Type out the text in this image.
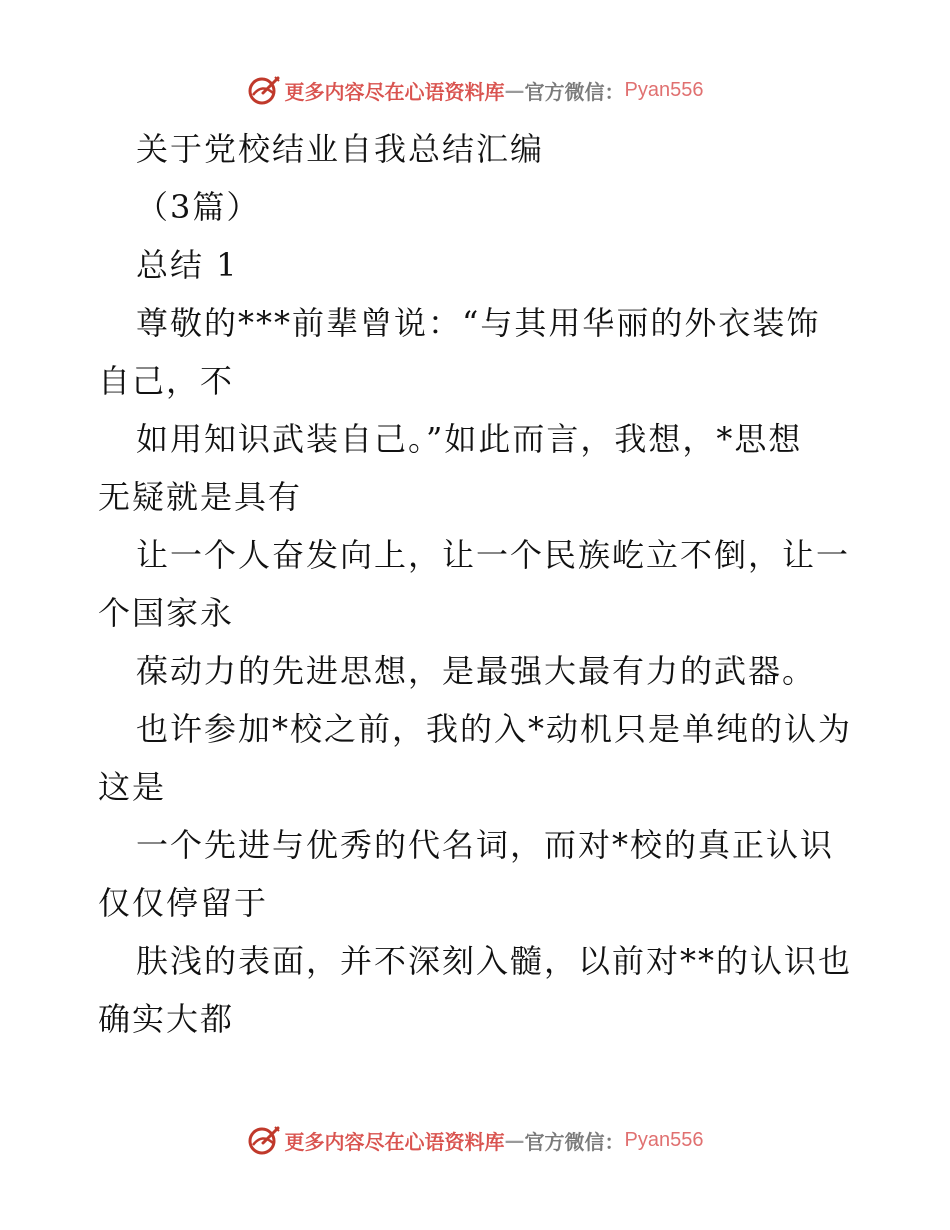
更多内容尽在心语资料库 — 官方微信： Pyan556
关于党校结业自我总结汇编
（3篇）
总结 1
尊敬的***前辈曾说：“与其用华丽的外衣装饰
自己，不
如用知识武装自己。”如此而言，我想，*思想
无疑就是具有
让一个人奋发向上，让一个民族屹立不倒，让一
个国家永
葆动力的先进思想，是最强大最有力的武器。
也许参加*校之前，我的入*动机只是单纯的认为
这是
一个先进与优秀的代名词，而对*校的真正认识
仅仅停留于
肤浅的表面，并不深刻入髓，以前对**的认识也
确实大都
更多内容尽在心语资料库 — 官方微信： Pyan556
